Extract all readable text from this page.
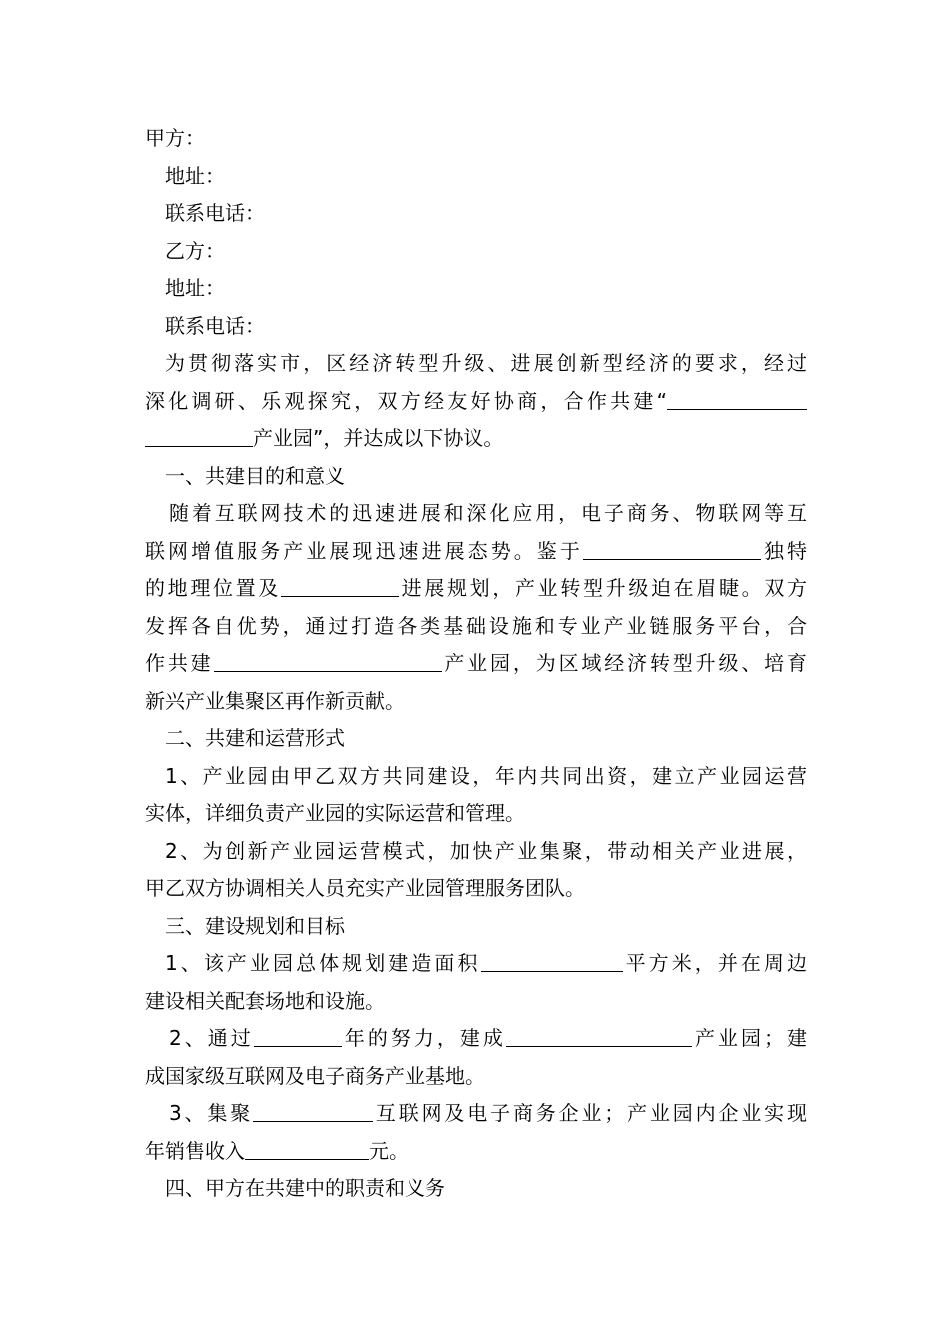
甲方：
地址：
联系电话：
乙方：
地址：
联系电话：
为贯彻落实市，区经济转型升级、进展创新型经济的要求，经过
深化调研、乐观探究，双方经友好协商，合作共建“
产业园”，并达成以下协议。
一、共建目的和意义
随着互联网技术的迅速进展和深化应用，电子商务、物联网等互
联网增值服务产业展现迅速进展态势。鉴于	独特
的地理位置及	进展规划，产业转型升级迫在眉睫。双方
发挥各自优势，通过打造各类基础设施和专业产业链服务平台，合
作共建	产业园，为区域经济转型升级、培育
新兴产业集聚区再作新贡献。
二、共建和运营形式
1、产业园由甲乙双方共同建设，年内共同出资，建立产业园运营
实体，详细负责产业园的实际运营和管理。
2、为创新产业园运营模式，加快产业集聚，带动相关产业进展，
甲乙双方协调相关人员充实产业园管理服务团队。
三、建设规划和目标
1、该产业园总体规划建造面积	平方米，并在周边
建设相关配套场地和设施。
2、通过	年的努力，建成	产业园；建
成国家级互联网及电子商务产业基地。
3、集聚	互联网及电子商务企业；产业园内企业实现
年销售收入	元。
四、甲方在共建中的职责和义务
